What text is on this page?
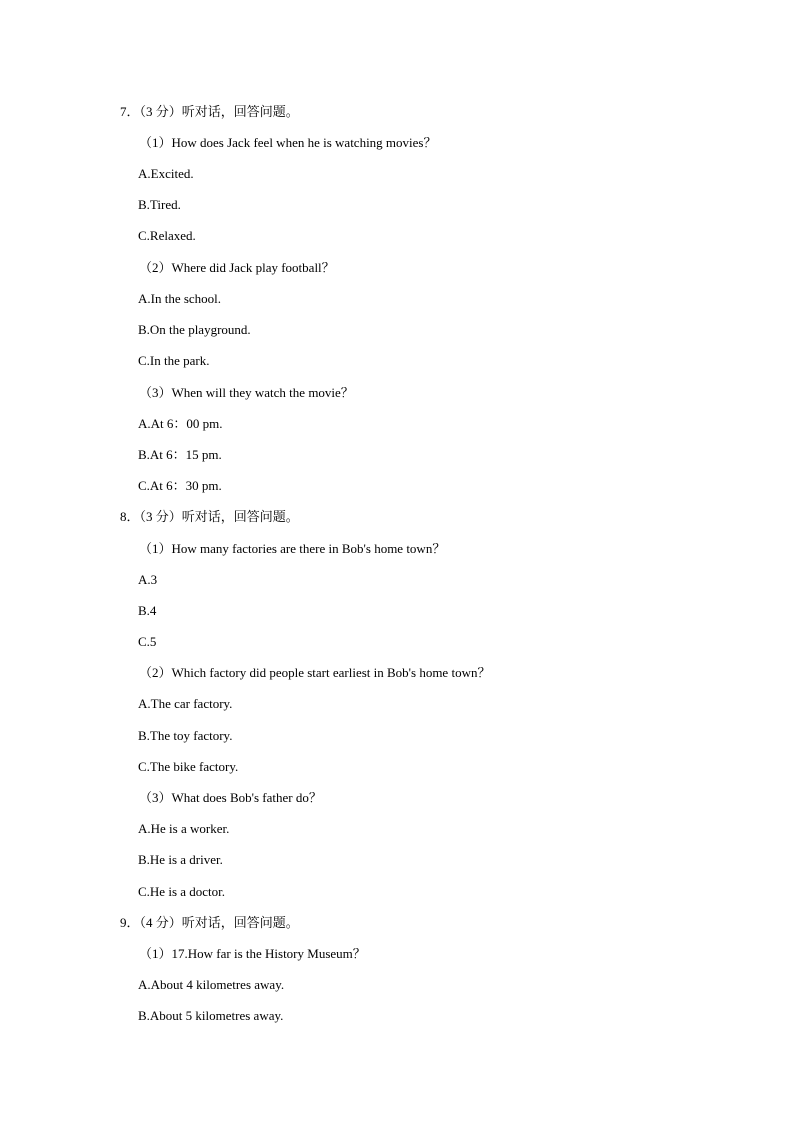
7．（3 分）听对话，回答问题。
（1）How does Jack feel when he is watching movies？
A.Excited.
B.Tired.
C.Relaxed.
（2）Where did Jack play football？
A.In the school.
B.On the playground.
C.In the park.
（3）When will they watch the movie？
A.At 6：00 pm.
B.At 6：15 pm.
C.At 6：30 pm.
8．（3 分）听对话，回答问题。
（1）How many factories are there in Bob's home town？
A.3
B.4
C.5
（2）Which factory did people start earliest in Bob's home town？
A.The car factory.
B.The toy factory.
C.The bike factory.
（3）What does Bob's father do？
A.He is a worker.
B.He is a driver.
C.He is a doctor.
9．（4 分）听对话，回答问题。
（1）17.How far is the History Museum？
A.About 4 kilometres away.
B.About 5 kilometres away.
